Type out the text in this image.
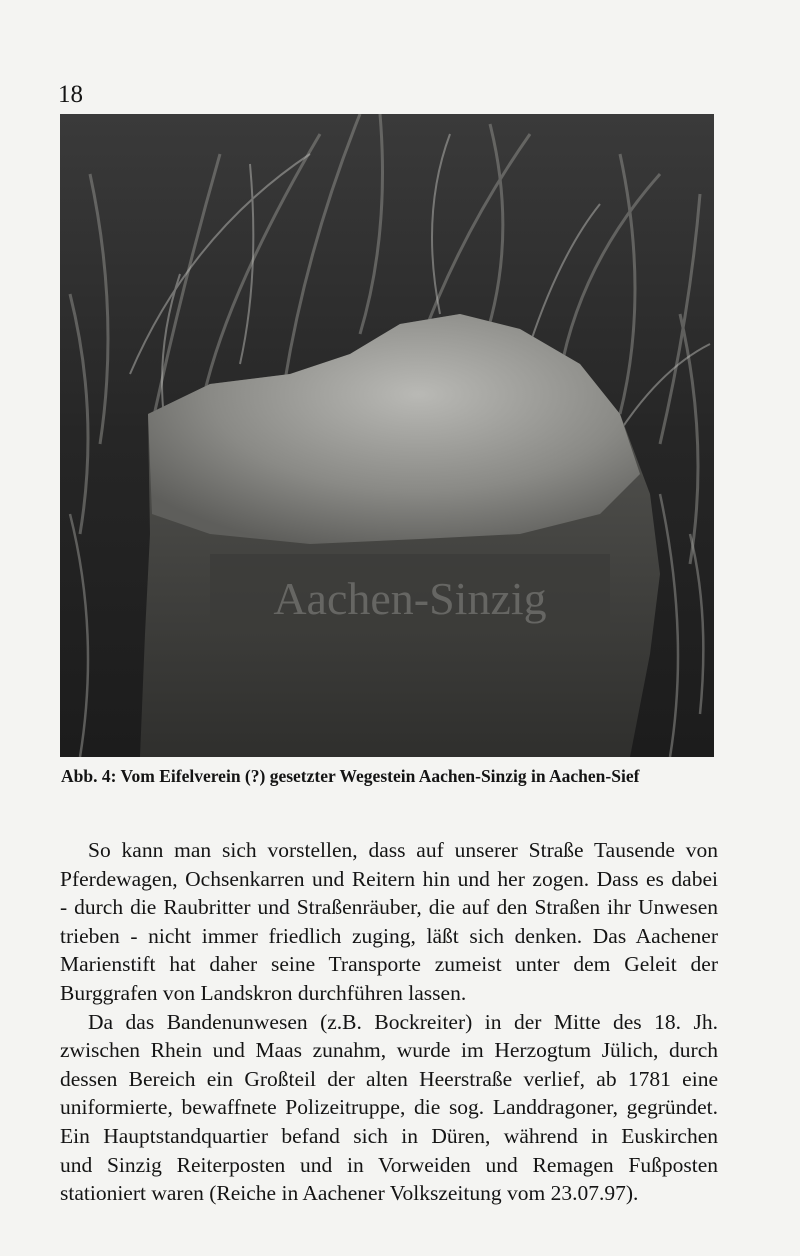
18
Aachen-Sinzig
Abb. 4: Vom Eifelverein (?) gesetzter Wegestein Aachen-Sinzig in Aachen-Sief

So kann man sich vorstellen, dass auf unserer Straße Tausende von
Pferdewagen, Ochsenkarren und Reitern hin und her zogen. Dass es dabei
- durch die Raubritter und Straßenräuber, die auf den Straßen ihr Unwesen
trieben - nicht immer friedlich zuging, läßt sich denken. Das Aachener
Marienstift hat daher seine Transporte zumeist unter dem Geleit der
Burggrafen von Landskron durchführen lassen.

Da das Bandenunwesen (z.B. Bockreiter) in der Mitte des 18. Jh.
zwischen Rhein und Maas zunahm, wurde im Herzogtum Jülich, durch
dessen Bereich ein Großteil der alten Heerstraße verlief, ab 1781 eine
uniformierte, bewaffnete Polizeitruppe, die sog. Landdragoner, gegründet.
Ein Hauptstandquartier befand sich in Düren, während in Euskirchen
und Sinzig Reiterposten und in Vorweiden und Remagen Fußposten
stationiert waren (Reiche in Aachener Volkszeitung vom 23.07.97).
